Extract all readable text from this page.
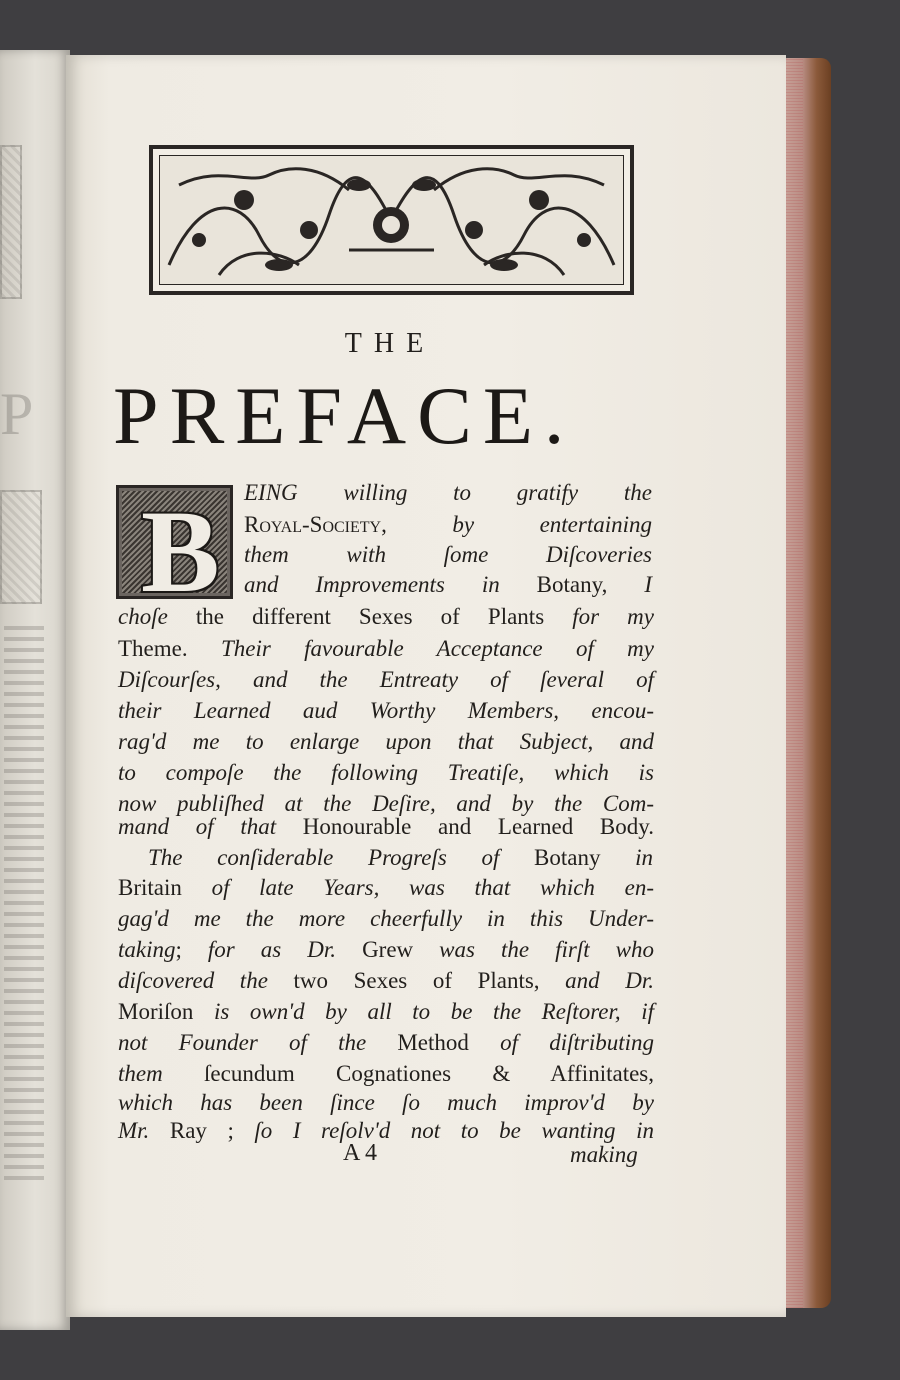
P
THE
PREFACE.
B EING willing to gratify the
Royal-Society, by entertaining
them with ſome Diſcoveries
and Improvements in Botany, I
choſe the different Sexes of Plants for my
Theme. Their favourable Acceptance of my
Diſcourſes, and the Entreaty of ſeveral of
their Learned aud Worthy Members, encou-
rag'd me to enlarge upon that Subject, and
to compoſe the following Treatiſe, which is
now publiſhed at the Deſire, and by the Com-
mand of that Honourable and Learned Body.
The conſiderable Progreſs of Botany in
Britain of late Years, was that which en-
gag'd me the more cheerfully in this Under-
taking; for as Dr. Grew was the firſt who
diſcovered the two Sexes of Plants, and Dr.
Moriſon is own'd by all to be the Reſtorer, if
not Founder of the Method of diſtributing
them ſecundum Cognationes & Affinitates,
which has been ſince ſo much improv'd by
Mr. Ray ; ſo I reſolv'd not to be wanting in
A 4	making
